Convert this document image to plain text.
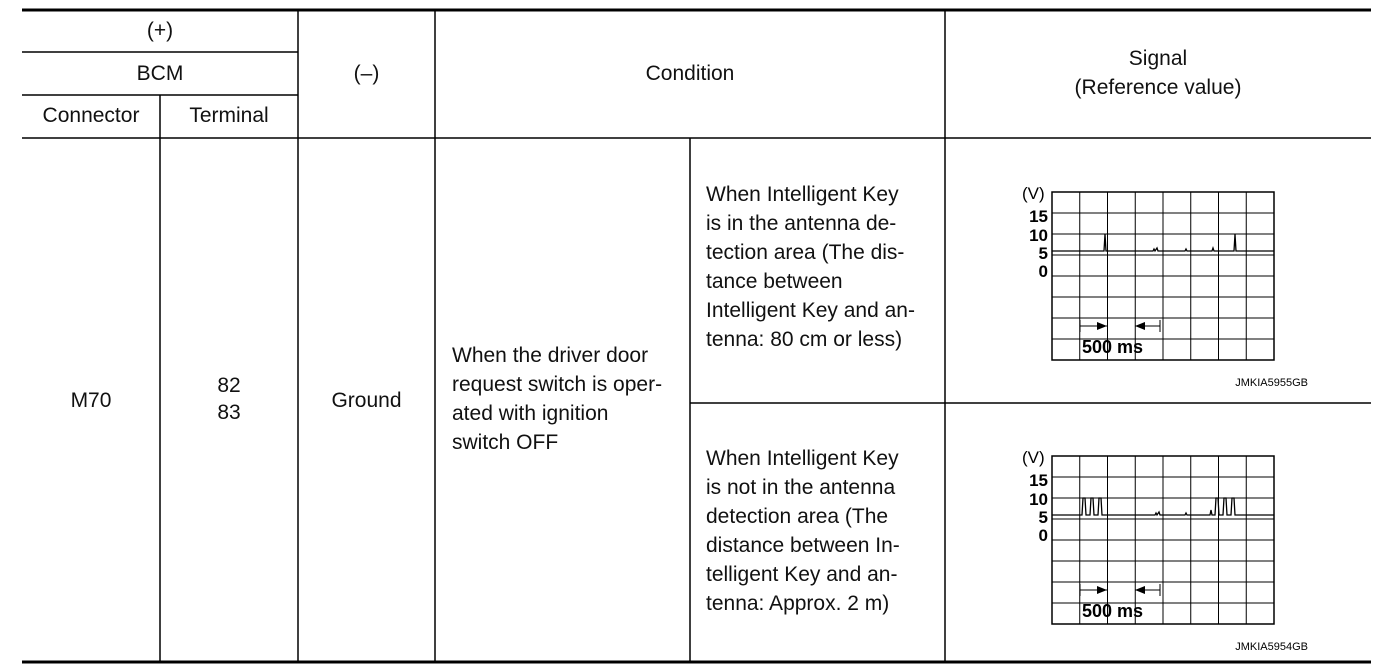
(+)
BCM
Connector	Terminal
(–)	Condition
Signal
(Reference value)
M70
82
83
Ground
When the driver door
request switch is oper-
ated with ignition
switch OFF
When Intelligent Key
is in the antenna de-
tection area (The dis-
tance between
Intelligent Key and an-
tenna: 80 cm or less)
When Intelligent Key
is not in the antenna
detection area (The
distance between In-
telligent Key and an-
tenna: Approx. 2 m)
(V)
15
10
5
0
500 ms
JMKIA5955GB
(V)
15
10
5
0
500 ms
JMKIA5954GB
